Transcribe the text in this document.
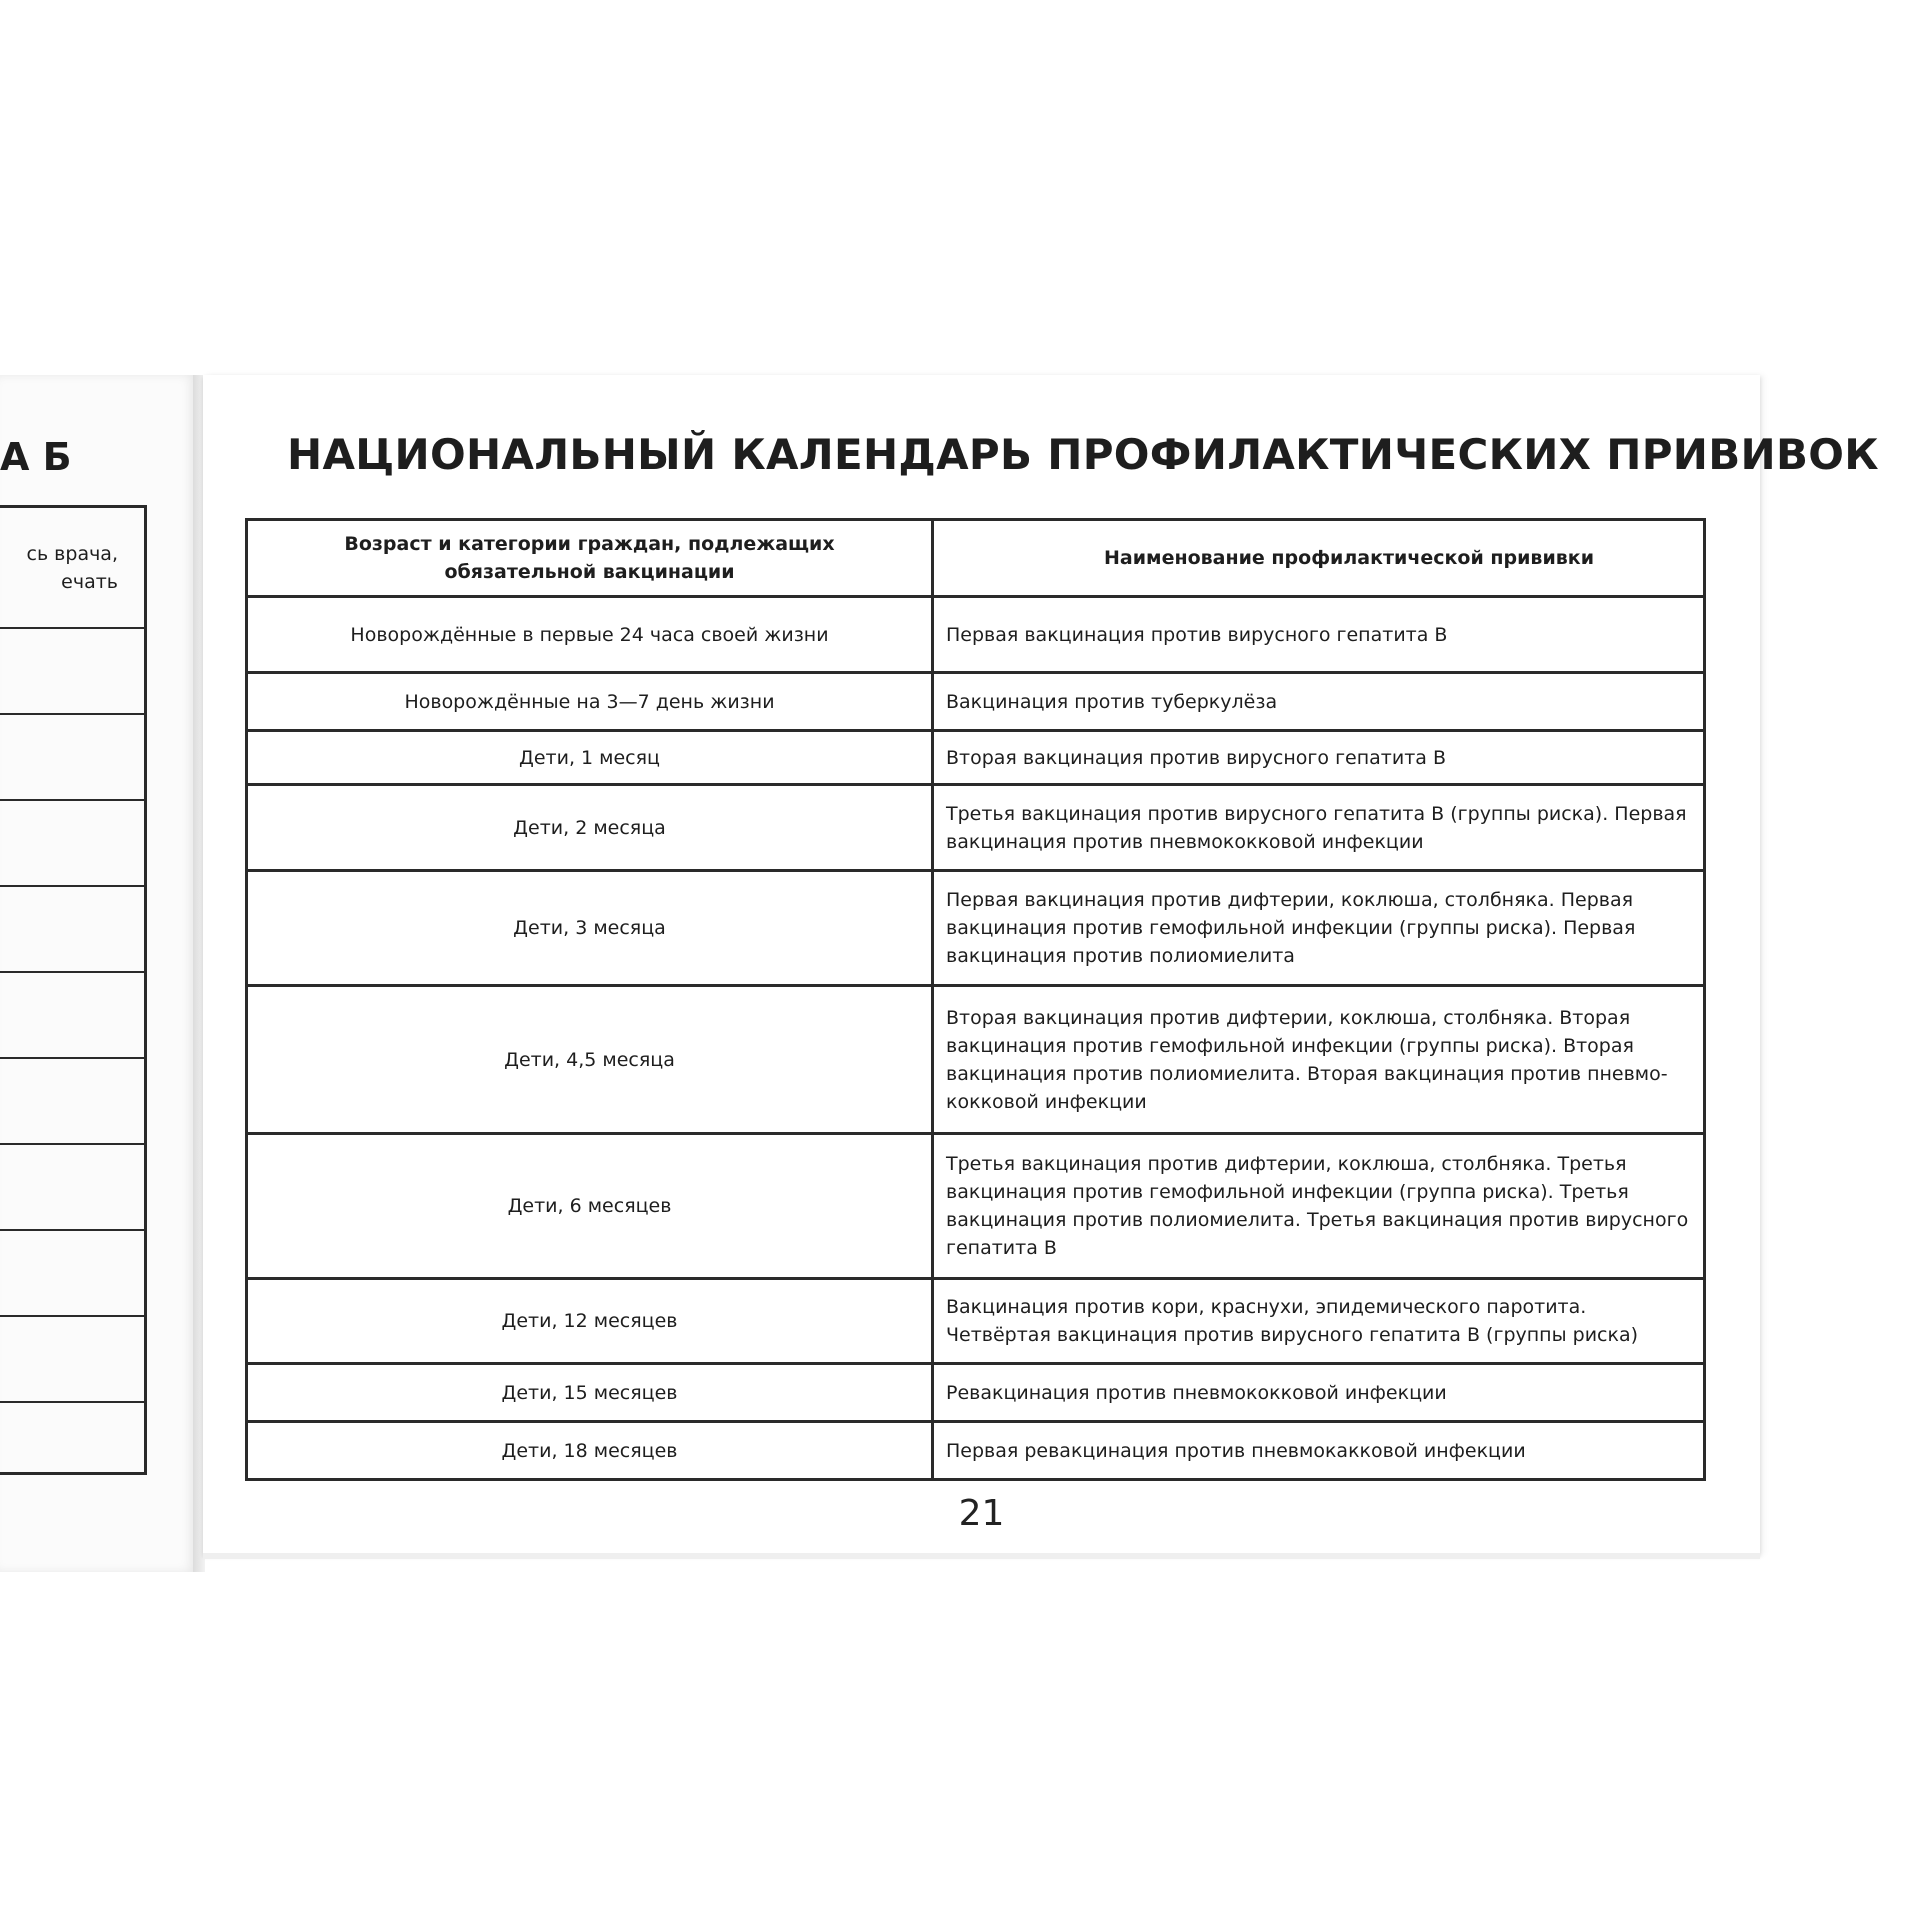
А Б
сь врача,
ечать
НАЦИОНАЛЬНЫЙ КАЛЕНДАРЬ ПРОФИЛАКТИЧЕСКИХ ПРИВИВОК
Возраст и категории граждан, подлежащих обязательной вакцинации	Наименование профилактической прививки
Новорождённые в первые 24 часа своей жизни	Первая вакцинация против вирусного гепатита В
Новорождённые на 3—7 день жизни	Вакцинация против туберкулёза
Дети, 1 месяц	Вторая вакцинация против вирусного гепатита В
Дети, 2 месяца	Третья вакцинация против вирусного гепатита В (группы риска). Первая вакцинация против пневмококковой инфекции
Дети, 3 месяца	Первая вакцинация против дифтерии, коклюша, столбняка. Первая вакцинация против гемофильной инфекции (группы риска). Первая вакцинация против полиомиелита
Дети, 4,5 месяца	Вторая вакцинация против дифтерии, коклюша, столбняка. Вторая вакцинация против гемофильной инфекции (группы риска). Вторая вакцинация против полиомиелита. Вторая вакцинация против пневмо-кокковой инфекции
Дети, 6 месяцев	Третья вакцинация против дифтерии, коклюша, столбняка. Третья вакцинация против гемофильной инфекции (группа риска). Третья вакцинация против полиомиелита. Третья вакцинация против вирусного гепатита В
Дети, 12 месяцев	Вакцинация против кори, краснухи, эпидемического паротита. Четвёртая вакцинация против вирусного гепатита В (группы риска)
Дети, 15 месяцев	Ревакцинация против пневмококковой инфекции
Дети, 18 месяцев	Первая ревакцинация против пневмокакковой инфекции
21
